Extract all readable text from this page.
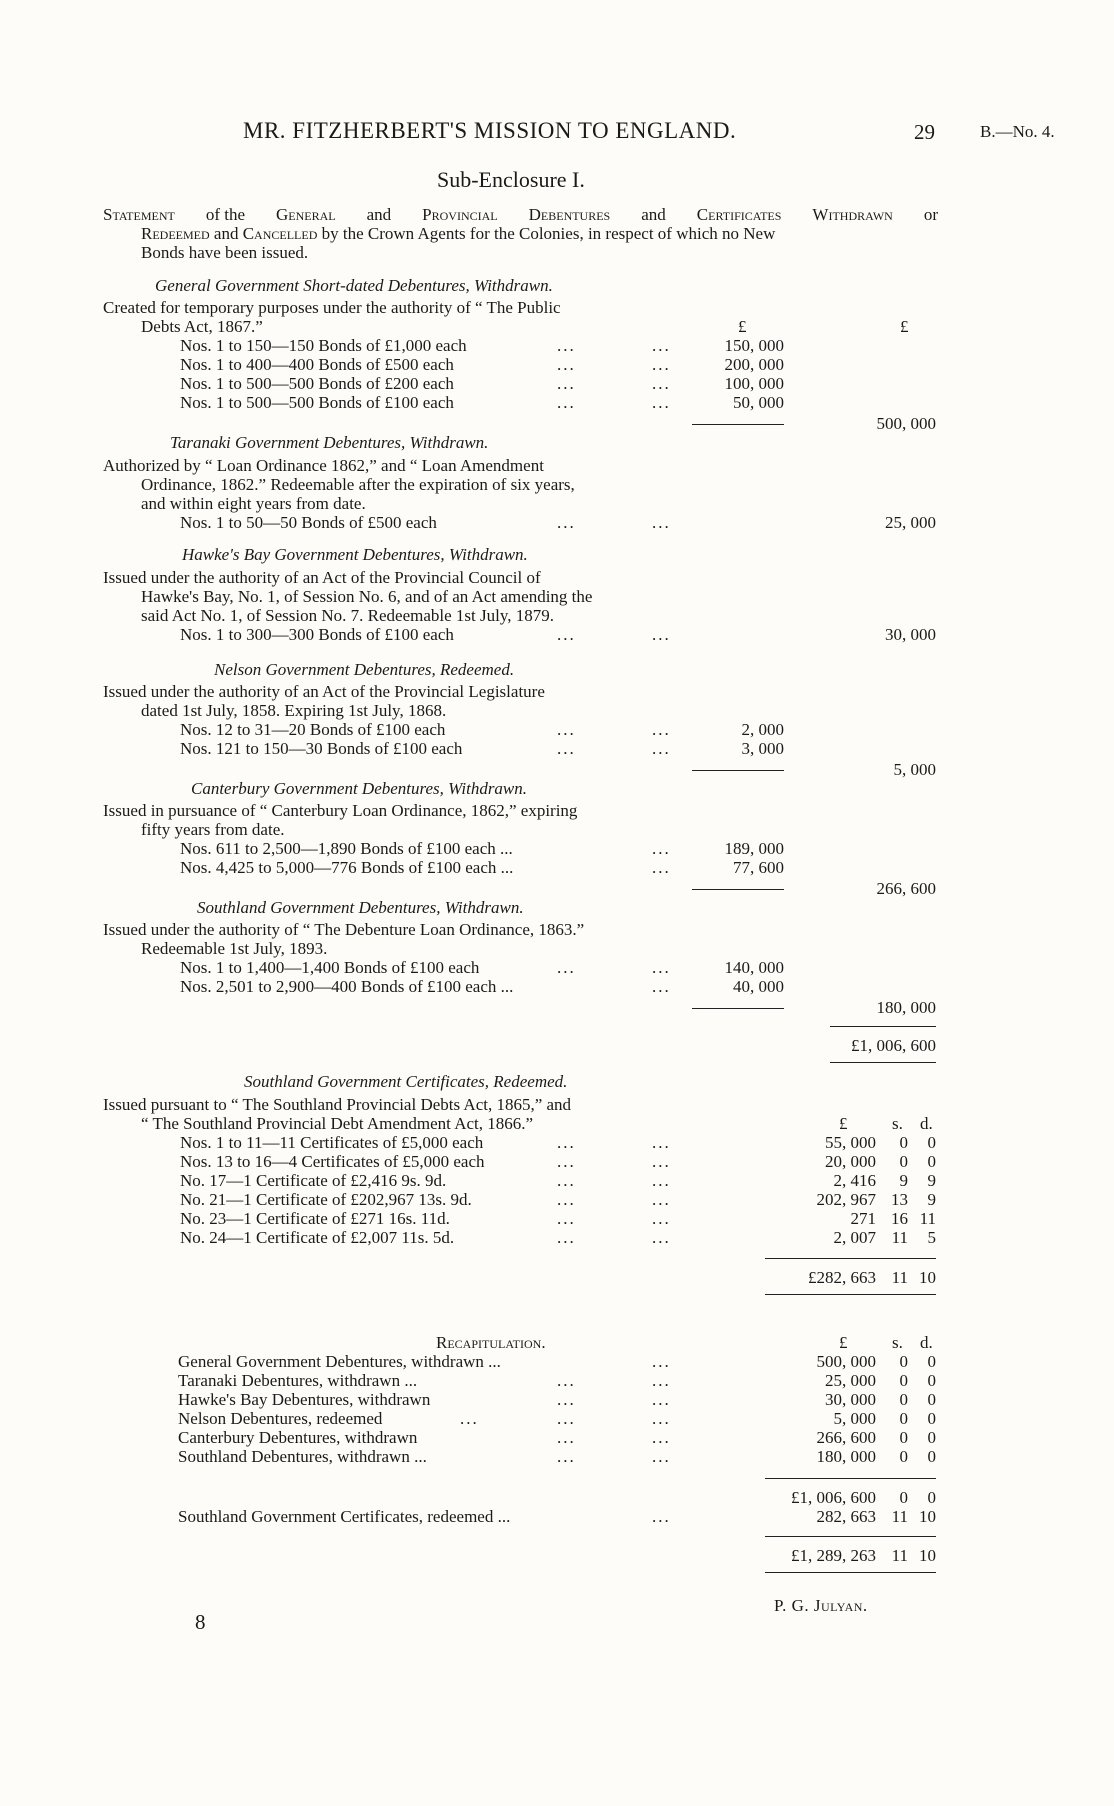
MR. FITZHERBERT'S MISSION TO ENGLAND.	29	B.—No. 4.
Sub-Enclosure I.
Statement of the General and Provincial Debentures and Certificates Withdrawn or
Redeemed and Cancelled by the Crown Agents for the Colonies, in respect of which no New
Bonds have been issued.
General Government Short-dated Debentures, Withdrawn.
Created for temporary purposes under the authority of “ The Public
Debts Act, 1867.”	£	£
Nos. 1 to 150—150 Bonds of £1,000 each	...	...	150, 000
Nos. 1 to 400—400 Bonds of £500 each	...	...	200, 000
Nos. 1 to 500—500 Bonds of £200 each	...	...	100, 000
Nos. 1 to 500—500 Bonds of £100 each	...	...	50, 000
500, 000
Taranaki Government Debentures, Withdrawn.
Authorized by “ Loan Ordinance 1862,” and “ Loan Amendment
Ordinance, 1862.” Redeemable after the expiration of six years,
and within eight years from date.
Nos. 1 to 50—50 Bonds of £500 each	...	...	25, 000
Hawke's Bay Government Debentures, Withdrawn.
Issued under the authority of an Act of the Provincial Council of
Hawke's Bay, No. 1, of Session No. 6, and of an Act amending the
said Act No. 1, of Session No. 7. Redeemable 1st July, 1879.
Nos. 1 to 300—300 Bonds of £100 each	...	...	30, 000
Nelson Government Debentures, Redeemed.
Issued under the authority of an Act of the Provincial Legislature
dated 1st July, 1858. Expiring 1st July, 1868.
Nos. 12 to 31—20 Bonds of £100 each	...	...	2, 000
Nos. 121 to 150—30 Bonds of £100 each	...	...	3, 000
5, 000
Canterbury Government Debentures, Withdrawn.
Issued in pursuance of “ Canterbury Loan Ordinance, 1862,” expiring
fifty years from date.
Nos. 611 to 2,500—1,890 Bonds of £100 each ...	...	189, 000
Nos. 4,425 to 5,000—776 Bonds of £100 each ...	...	77, 600
266, 600
Southland Government Debentures, Withdrawn.
Issued under the authority of “ The Debenture Loan Ordinance, 1863.”
Redeemable 1st July, 1893.
Nos. 1 to 1,400—1,400 Bonds of £100 each	...	...	140, 000
Nos. 2,501 to 2,900—400 Bonds of £100 each ...	...	40, 000
180, 000
£1, 006, 600
Southland Government Certificates, Redeemed.
Issued pursuant to “ The Southland Provincial Debts Act, 1865,” and
“ The Southland Provincial Debt Amendment Act, 1866.”	£	s. d.
Nos. 1 to 11—11 Certificates of £5,000 each	...	...	55, 000	0	0
Nos. 13 to 16—4 Certificates of £5,000 each	...	...	20, 000	0	0
No. 17—1 Certificate of £2,416 9s. 9d.	...	...	2, 416	9	9
No. 21—1 Certificate of £202,967 13s. 9d.	...	...	202, 967 13	9
No. 23—1 Certificate of £271 16s. 11d.	...	...	271 16 11
No. 24—1 Certificate of £2,007 11s. 5d.	...	...	2, 007 11	5
£282, 663 11 10
Recapitulation.	£	s. d.
General Government Debentures, withdrawn ...	...	500, 000	0	0
Taranaki Debentures, withdrawn ...	...	...	25, 000	0	0
Hawke's Bay Debentures, withdrawn	...	...	30, 000	0	0
Nelson Debentures, redeemed	...	...	...	5, 000	0	0
Canterbury Debentures, withdrawn	...	...	266, 600	0	0
Southland Debentures, withdrawn ...	...	...	180, 000	0	0
£1, 006, 600	0	0
Southland Government Certificates, redeemed ...	...	282, 663 11 10
£1, 289, 263 11 10
P. G. Julyan.
8
